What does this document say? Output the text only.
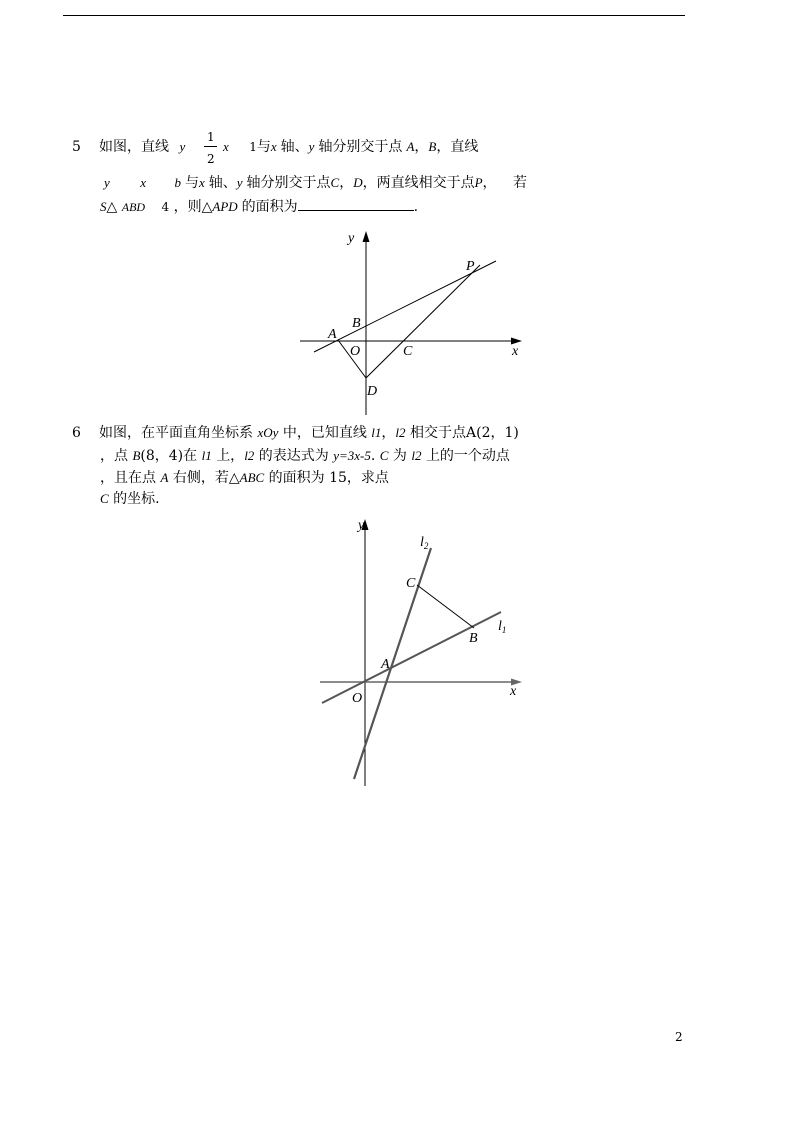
5 如图，直线 y
1
2
x 1与x 轴、y 轴分别交于点 A，B，直线
y x b 与x 轴、y 轴分别交于点C，D，两直线相交于点P， 若
S△ ABD 4 ，则△APD 的面积为	.
y
x
P
B
A
O	C
D
6 如图，在平面直角坐标系 xOy 中，已知直线 l1，l2 相交于点A(2，1)
，点 B(8，4)在 l1 上，l2 的表达式为 y=3x-5. C 为 l2 上的一个动点
，且在点 A 右侧，若△ABC 的面积为 15，求点
C 的坐标.
y
x
$l_2$
$l_1$
C
B
A
O
2
